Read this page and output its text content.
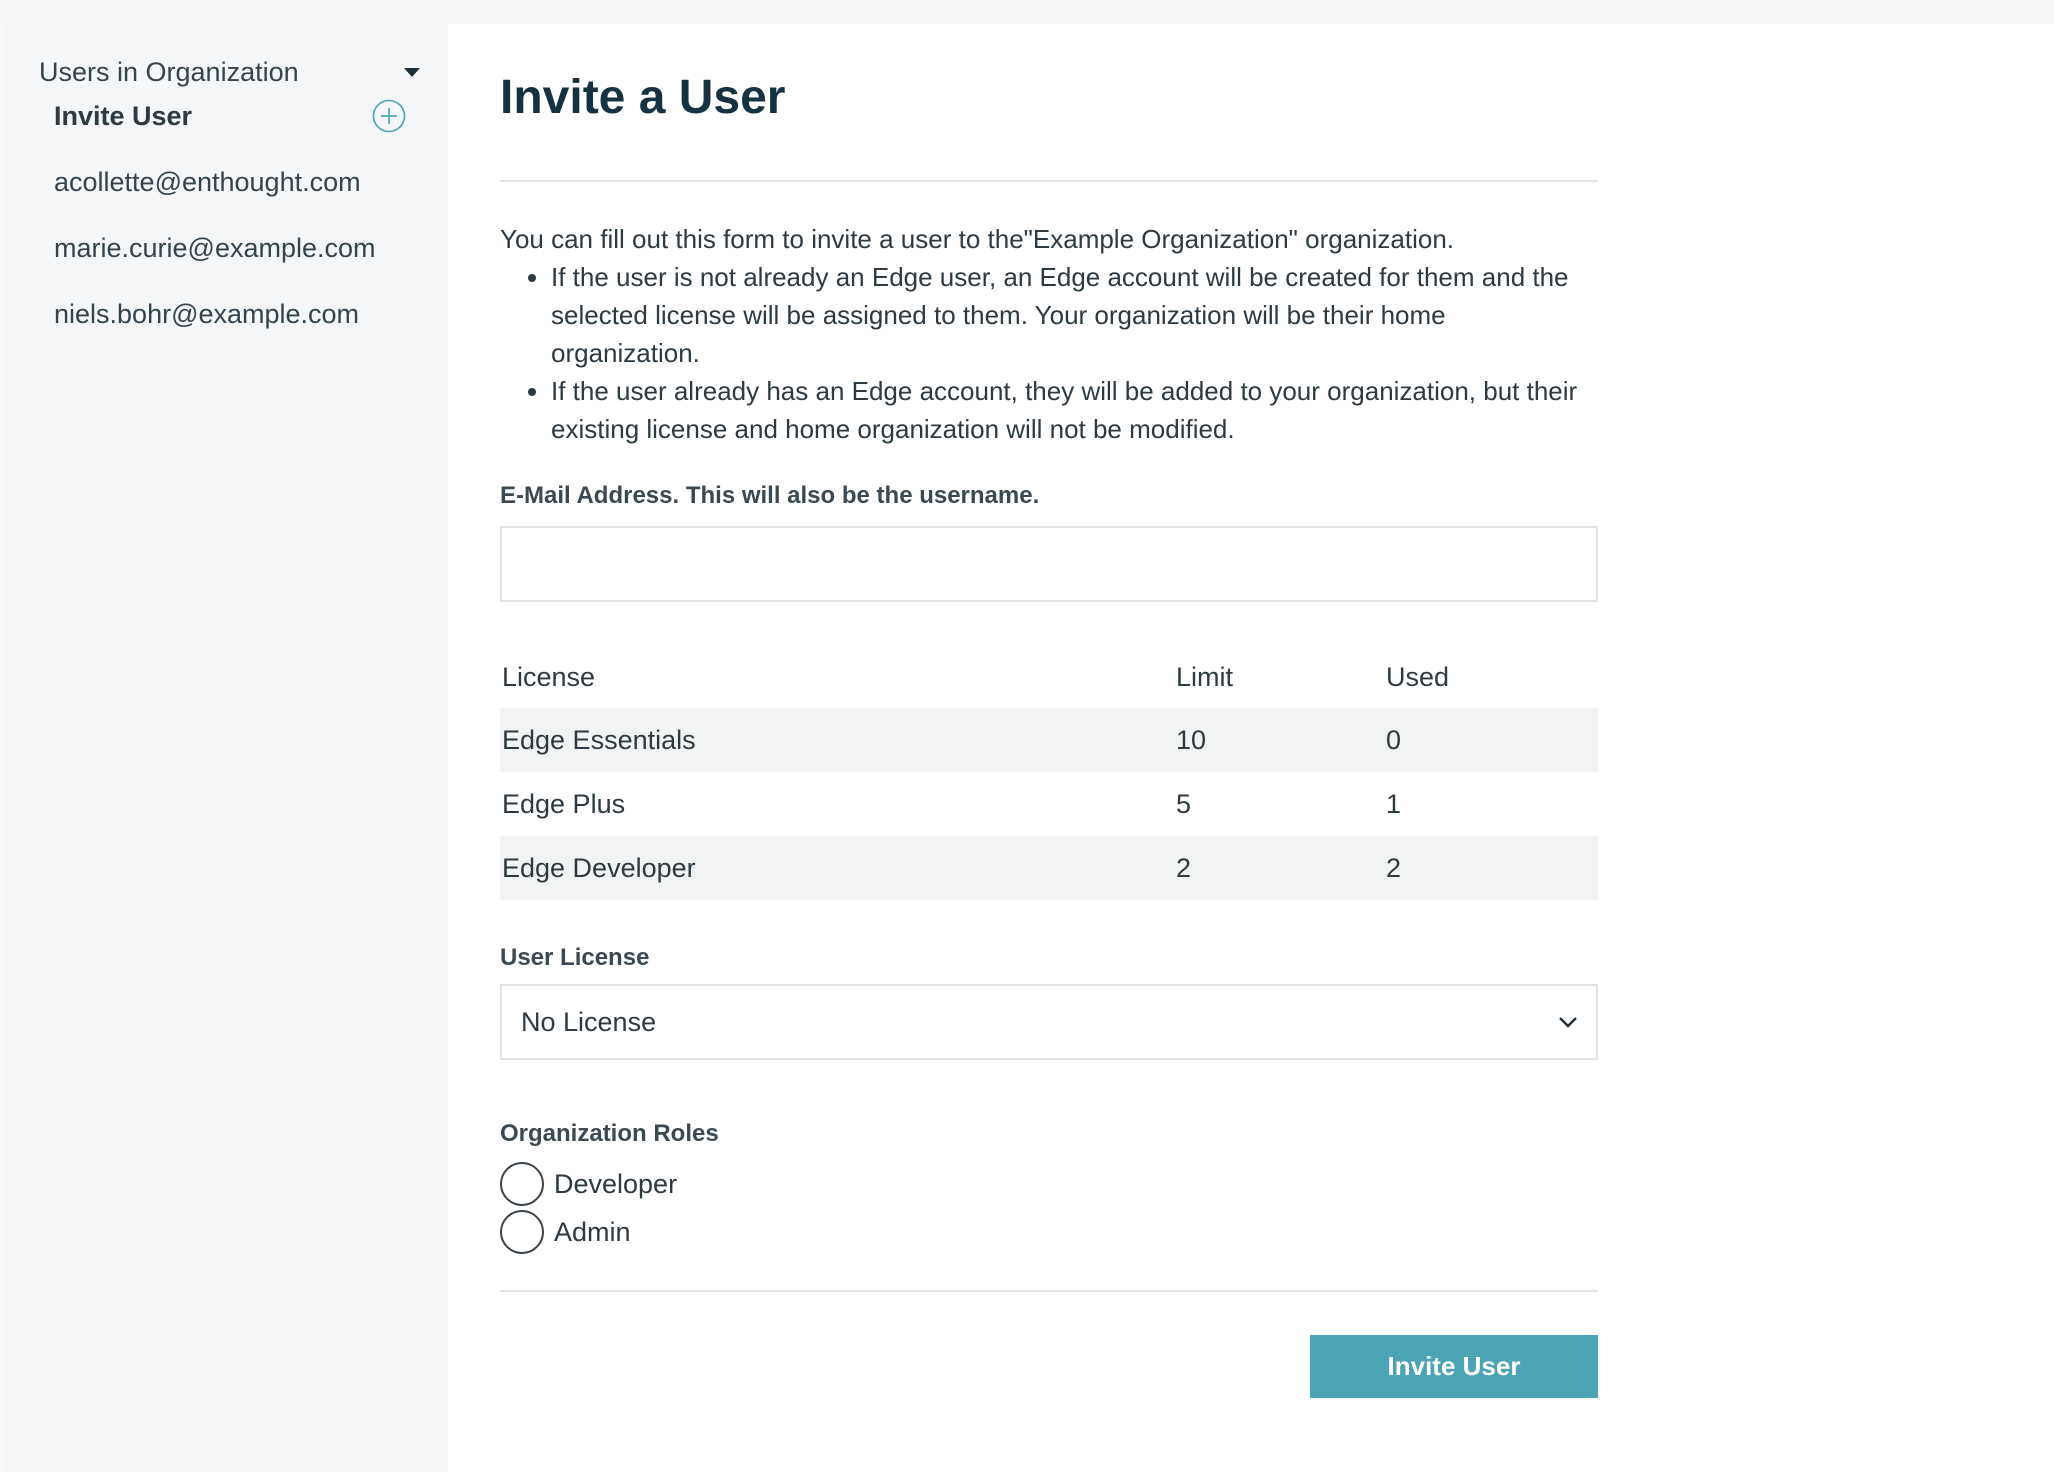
Users in Organization
Invite User
acollette@enthought.com
marie.curie@example.com
niels.bohr@example.com
Invite a User

You can fill out this form to invite a user to the"Example Organization" organization.

• If the user is not already an Edge user, an Edge account will be created for them and the selected license will be assigned to them. Your organization will be their home organization.
• If the user already has an Edge account, they will be added to your organization, but their existing license and home organization will not be modified.
E-Mail Address. This will also be the username.
License	Limit	Used
Edge Essentials	10	0
Edge Plus	5	1
Edge Developer	2	2
User License
No License
Organization Roles
Developer
Admin
Invite User
